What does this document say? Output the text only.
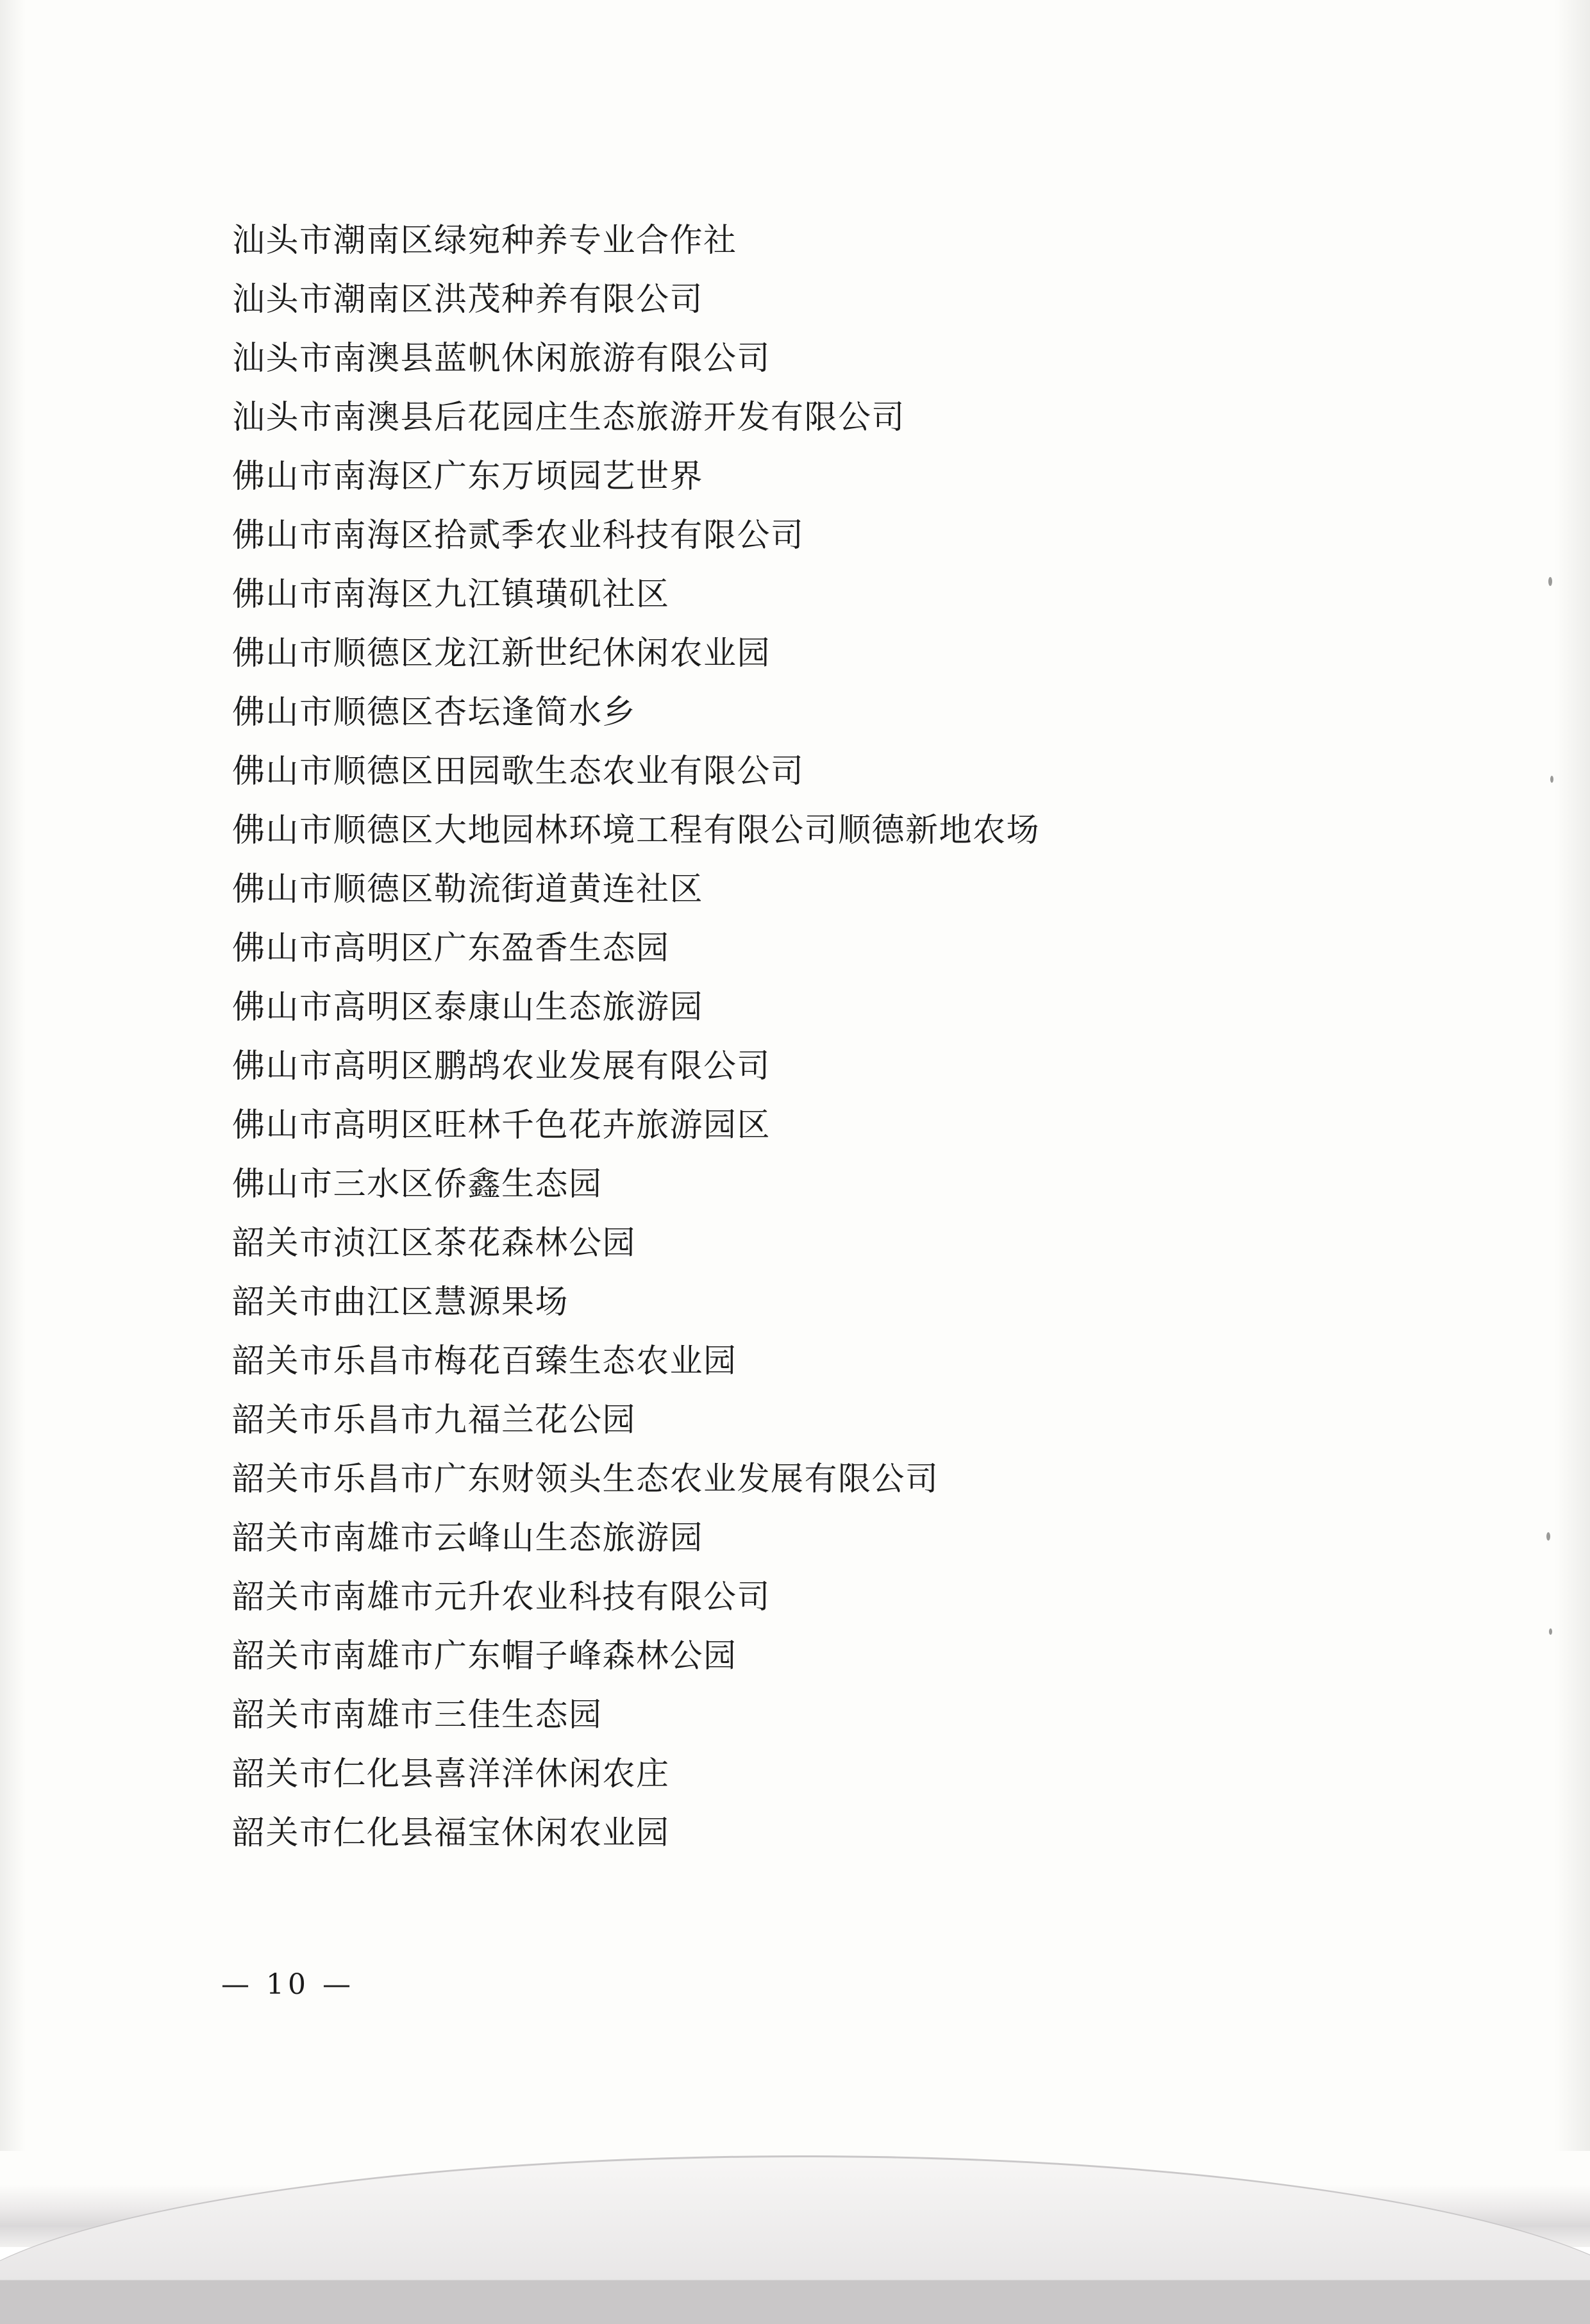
汕头市潮南区绿宛种养专业合作社
汕头市潮南区洪茂种养有限公司
汕头市南澳县蓝帆休闲旅游有限公司
汕头市南澳县后花园庄生态旅游开发有限公司
佛山市南海区广东万顷园艺世界
佛山市南海区拾贰季农业科技有限公司
佛山市南海区九江镇璜矶社区
佛山市顺德区龙江新世纪休闲农业园
佛山市顺德区杏坛逢简水乡
佛山市顺德区田园歌生态农业有限公司
佛山市顺德区大地园林环境工程有限公司顺德新地农场
佛山市顺德区勒流街道黄连社区
佛山市高明区广东盈香生态园
佛山市高明区泰康山生态旅游园
佛山市高明区鹏鸪农业发展有限公司
佛山市高明区旺林千色花卉旅游园区
佛山市三水区侨鑫生态园
韶关市浈江区茶花森林公园
韶关市曲江区慧源果场
韶关市乐昌市梅花百臻生态农业园
韶关市乐昌市九福兰花公园
韶关市乐昌市广东财领头生态农业发展有限公司
韶关市南雄市云峰山生态旅游园
韶关市南雄市元升农业科技有限公司
韶关市南雄市广东帽子峰森林公园
韶关市南雄市三佳生态园
韶关市仁化县喜洋洋休闲农庄
韶关市仁化县福宝休闲农业园
— 10 —
